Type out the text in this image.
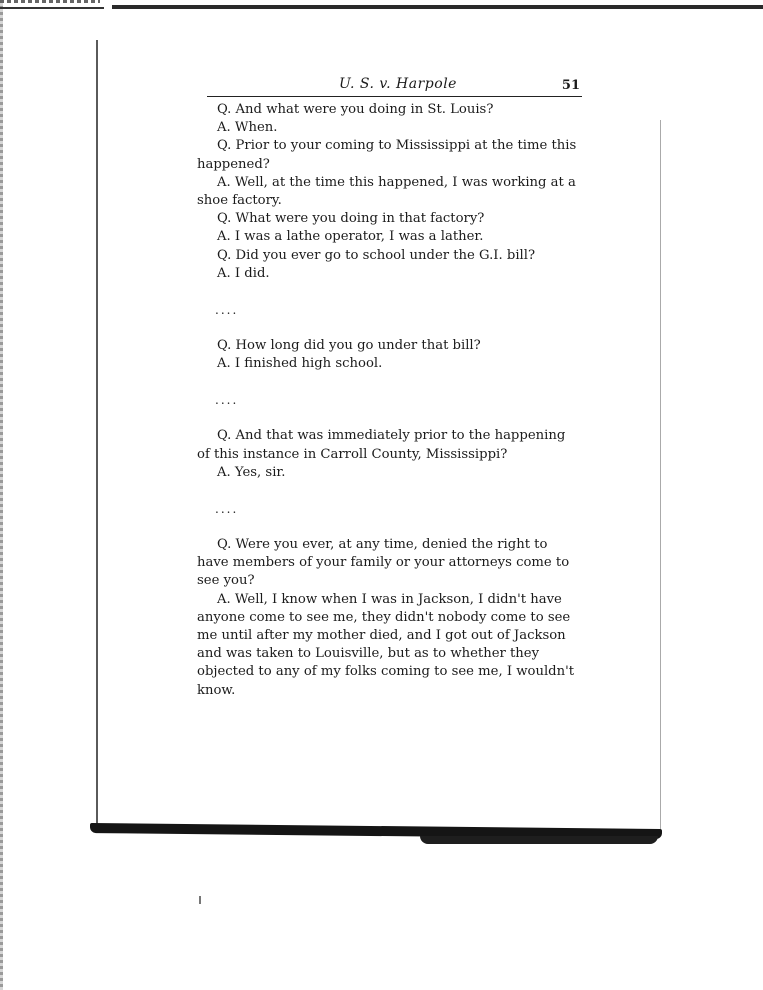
U. S. v. Harpole	51

Q. And what were you doing in St. Louis?

A. When.

Q. Prior to your coming to Mississippi at the time this happened?

A. Well, at the time this happened, I was working at a shoe factory.

Q. What were you doing in that factory?

A. I was a lathe operator, I was a lather.

Q. Did you ever go to school under the G.I. bill?

A. I did.

....

Q. How long did you go under that bill?

A. I finished high school.

....

Q. And that was immediately prior to the happening of this instance in Carroll County, Mississippi?

A. Yes, sir.

....

Q. Were you ever, at any time, denied the right to have members of your family or your attorneys come to see you?

A. Well, I know when I was in Jackson, I didn't have anyone come to see me, they didn't nobody come to see me until after my mother died, and I got out of Jackson and was taken to Louisville, but as to whether they objected to any of my folks coming to see me, I wouldn't know.
